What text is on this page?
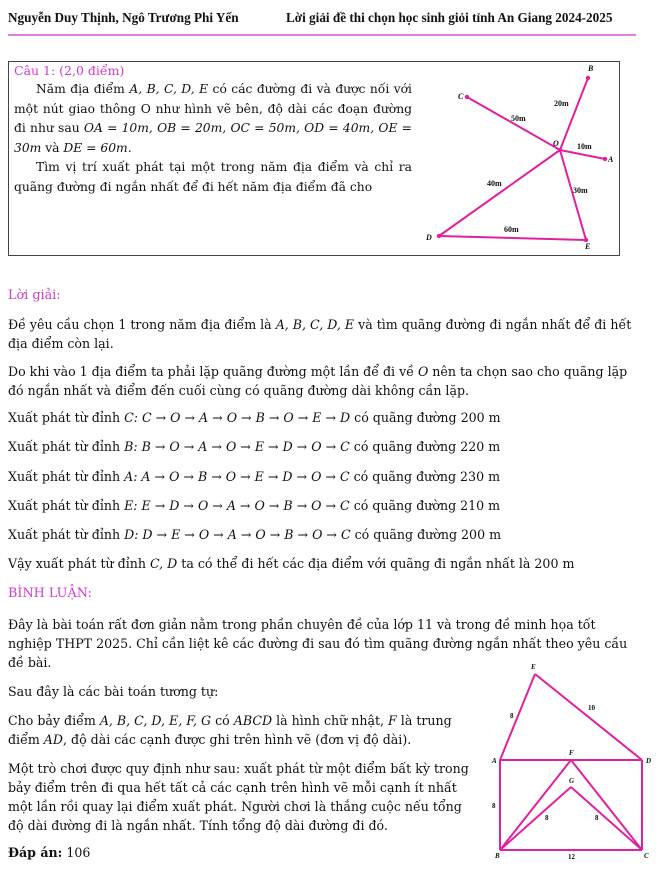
Nguyễn Duy Thịnh, Ngô Trương Phi Yến	Lời giải đề thi chọn học sinh giỏi tỉnh An Giang 2024-2025
Câu 1: (2,0 điểm)

Năm địa điểm A, B, C, D, E có các đường đi và được nối với một nút giao thông O như hình vẽ bên, độ dài các đoạn đường đi như sau OA = 10m, OB = 20m, OC = 50m, OD = 40m, OE = 30m và DE = 60m.

Tìm vị trí xuất phát tại một trong năm địa điểm và chỉ ra quãng đường đi ngắn nhất để đi hết năm địa điểm đã cho

C
B
O
A
D
E
50m
20m
10m
40m
30m
60m
Lời giải:

Đề yêu cầu chọn 1 trong năm địa điểm là A, B, C, D, E và tìm quãng đường đi ngắn nhất để đi hết địa điểm còn lại.

Do khi vào 1 địa điểm ta phải lặp quãng đường một lần để đi về O nên ta chọn sao cho quãng lặp đó ngắn nhất và điểm đến cuối cùng có quãng đường dài không cần lặp.

Xuất phát từ đỉnh C: C → O → A → O → B → O → E → D có quãng đường 200 m
Xuất phát từ đỉnh B: B → O → A → O → E → D → O → C có quãng đường 220 m
Xuất phát từ đỉnh A: A → O → B → O → E → D → O → C có quãng đường 230 m
Xuất phát từ đỉnh E: E → D → O → A → O → B → O → C có quãng đường 210 m
Xuất phát từ đỉnh D: D → E → O → A → O → B → O → C có quãng đường 200 m
Vậy xuất phát từ đỉnh C, D ta có thể đi hết các địa điểm với quãng đi ngắn nhất là 200 m
BÌNH LUẬN:

Đây là bài toán rất đơn giản nằm trong phần chuyên đề của lớp 11 và trong đề minh họa tốt nghiệp THPT 2025. Chỉ cần liệt kê các đường đi sau đó tìm quãng đường ngắn nhất theo yêu cầu đề bài.

Sau đây là các bài toán tương tự:

Cho bảy điểm A, B, C, D, E, F, G có ABCD là hình chữ nhật, F là trung điểm AD, độ dài các cạnh được ghi trên hình vẽ (đơn vị độ dài).

Một trò chơi được quy định như sau: xuất phát từ một điểm bất kỳ trong bảy điểm trên đi qua hết tất cả các cạnh trên hình vẽ mỗi cạnh ít nhất một lần rồi quay lại điểm xuất phát. Người chơi là thắng cuộc nếu tổng độ dài đường đi là ngắn nhất. Tính tổng độ dài đường đi đó.

Đáp án: 106
E
A
F
D
G
B	C
8
10
8
8	8
12
